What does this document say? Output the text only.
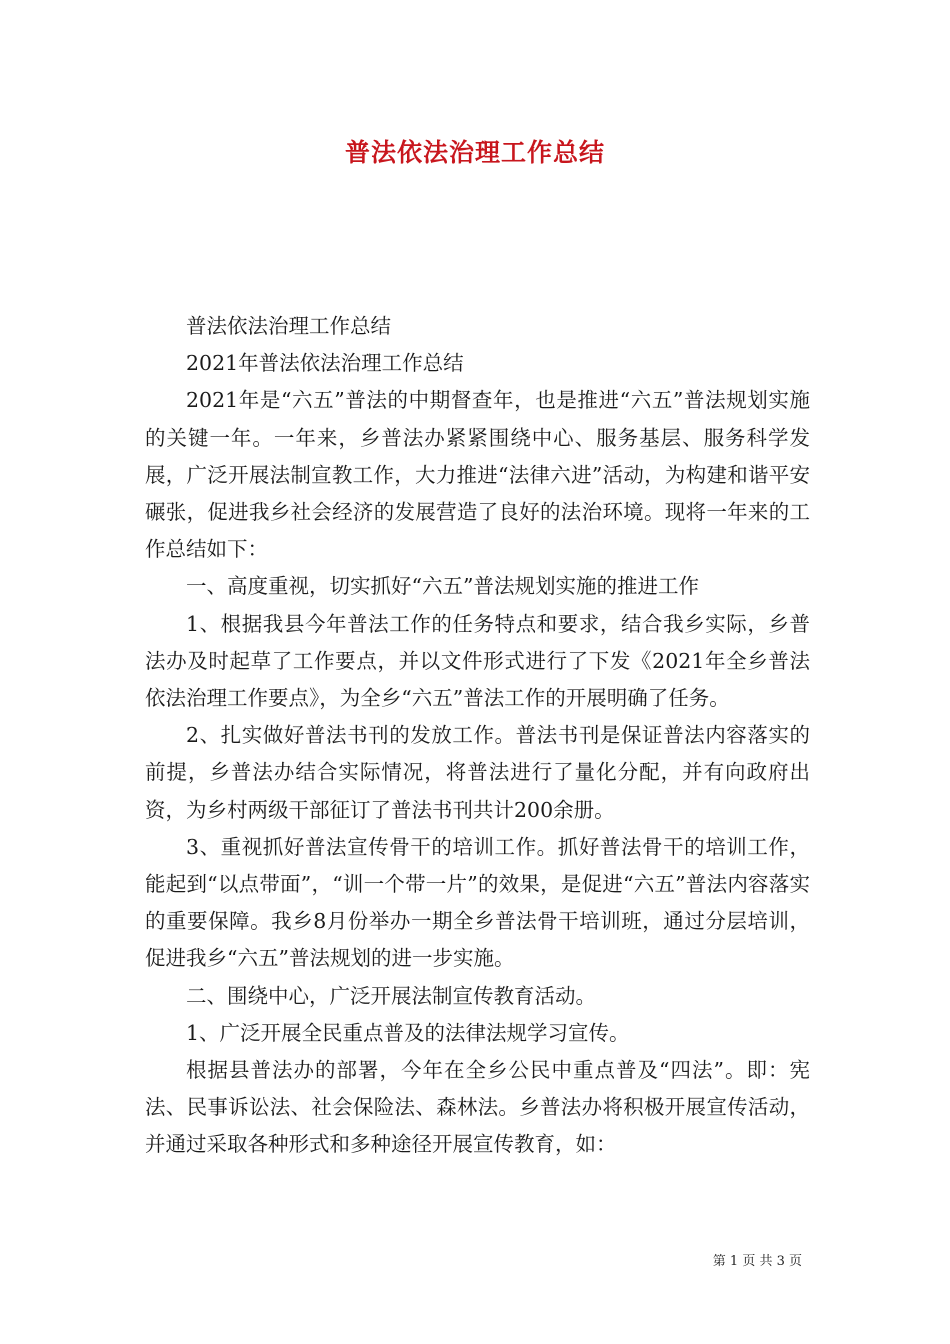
普法依法治理工作总结

普法依法治理工作总结

2021年普法依法治理工作总结

2021年是“六五”普法的中期督查年，也是推进“六五”普法规划实施的关键一年。一年来，乡普法办紧紧围绕中心、服务基层、服务科学发展，广泛开展法制宣教工作，大力推进“法律六进”活动，为构建和谐平安碾张，促进我乡社会经济的发展营造了良好的法治环境。现将一年来的工作总结如下：

一、高度重视，切实抓好“六五”普法规划实施的推进工作

1、根据我县今年普法工作的任务特点和要求，结合我乡实际，乡普法办及时起草了工作要点，并以文件形式进行了下发《2021年全乡普法依法治理工作要点》，为全乡“六五”普法工作的开展明确了任务。

2、扎实做好普法书刊的发放工作。普法书刊是保证普法内容落实的前提，乡普法办结合实际情况，将普法进行了量化分配，并有向政府出资，为乡村两级干部征订了普法书刊共计200余册。

3、重视抓好普法宣传骨干的培训工作。抓好普法骨干的培训工作，能起到“以点带面”，“训一个带一片”的效果，是促进“六五”普法内容落实的重要保障。我乡8月份举办一期全乡普法骨干培训班，通过分层培训，促进我乡“六五”普法规划的进一步实施。

二、围绕中心，广泛开展法制宣传教育活动。

1、广泛开展全民重点普及的法律法规学习宣传。

根据县普法办的部署，今年在全乡公民中重点普及“四法”。即：宪法、民事诉讼法、社会保险法、森林法。乡普法办将积极开展宣传活动，并通过采取各种形式和多种途径开展宣传教育，如：

第 1 页 共 3 页
